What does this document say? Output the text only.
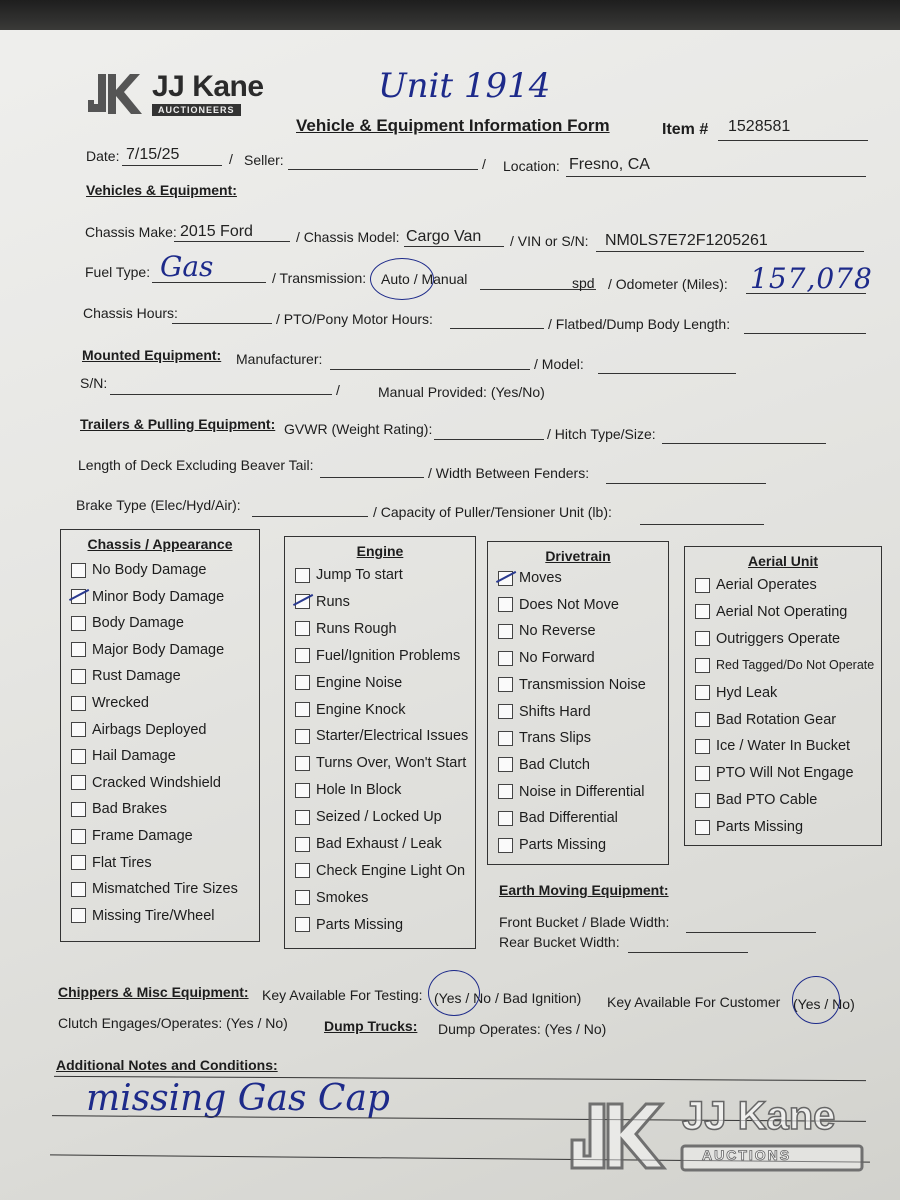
JJ Kane
AUCTIONEERS
Unit 1914
Vehicle & Equipment Information Form	Item # 1528581
Date: 7/15/25	/ Seller:	/ Location: Fresno, CA
Vehicles & Equipment:
Chassis Make: 2015 Ford	/ Chassis Model: Cargo Van / VIN or S/N: NM0LS7E72F1205261
Fuel Type: Gas	/ Transmission: Auto / Manual	spd / Odometer (Miles): 157,078
Chassis Hours:	/ PTO/Pony Motor Hours:	/ Flatbed/Dump Body Length:
Mounted Equipment: Manufacturer:	/ Model:
S/N:	/	Manual Provided: (Yes/No)
Trailers & Pulling Equipment: GVWR (Weight Rating):	/ Hitch Type/Size:
Length of Deck Excluding Beaver Tail:	/ Width Between Fenders:
Brake Type (Elec/Hyd/Air):	/ Capacity of Puller/Tensioner Unit (lb):
Chassis / Appearance
No Body Damage
Minor Body Damage
Body Damage
Major Body Damage
Rust Damage
Wrecked
Airbags Deployed
Hail Damage
Cracked Windshield
Bad Brakes
Frame Damage
Flat Tires
Mismatched Tire Sizes
Missing Tire/Wheel
Engine
Jump To start
Runs
Runs Rough
Fuel/Ignition Problems
Engine Noise
Engine Knock
Starter/Electrical Issues
Turns Over, Won't Start
Hole In Block
Seized / Locked Up
Bad Exhaust / Leak
Check Engine Light On
Smokes
Parts Missing
Drivetrain
Moves
Does Not Move
No Reverse
No Forward
Transmission Noise
Shifts Hard
Trans Slips
Bad Clutch
Noise in Differential
Bad Differential
Parts Missing
Aerial Unit
Aerial Operates
Aerial Not Operating
Outriggers Operate
Red Tagged/Do Not Operate
Hyd Leak
Bad Rotation Gear
Ice / Water In Bucket
PTO Will Not Engage
Bad PTO Cable
Parts Missing
Earth Moving Equipment:
Front Bucket / Blade Width:
Rear Bucket Width:
Chippers & Misc Equipment: Key Available For Testing: (Yes / No / Bad Ignition) Key Available For Customer (Yes / No)
Clutch Engages/Operates: (Yes / No)	Dump Trucks: Dump Operates: (Yes / No)
Additional Notes and Conditions:
missing Gas Cap	JJ Kane
AUCTIONS
